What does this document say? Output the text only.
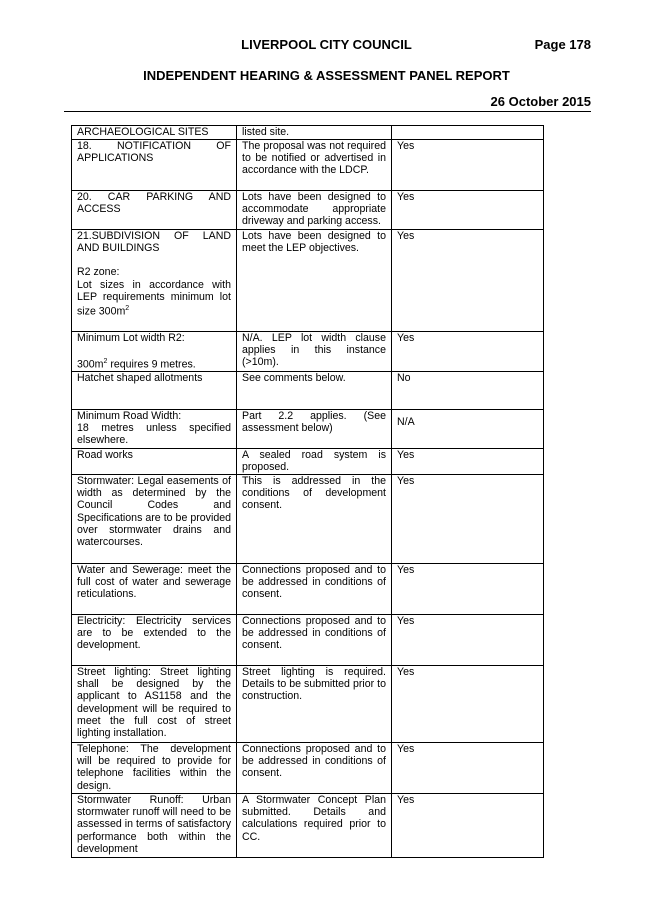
LIVERPOOL CITY COUNCIL	Page 178
INDEPENDENT HEARING & ASSESSMENT PANEL REPORT
26 October 2015
ARCHAEOLOGICAL SITES	listed site.	
18. NOTIFICATION OF APPLICATIONS	The proposal was not required to be notified or advertised in accordance with the LDCP.	Yes
20. CAR PARKING AND ACCESS	Lots have been designed to accommodate appropriate driveway and parking access.	Yes

21.SUBDIVISION OF LAND AND BUILDINGS
R2 zone:
Lot sizes in accordance with LEP requirements minimum lot size $300m^2$	Lots have been designed to meet the LEP objectives.	Yes

Minimum Lot width R2:
$300m^2$ requires 9 metres.	N/A. LEP lot width clause applies in this instance (>10m).	Yes
Hatchet shaped allotments	See comments below.	No

Minimum Road Width:
18 metres unless specified elsewhere.	Part 2.2 applies. (See assessment below)	N/A
Road works	A sealed road system is proposed.	Yes
Stormwater: Legal easements of width as determined by the Council Codes and Specifications are to be provided over stormwater drains and watercourses.	This is addressed in the conditions of development consent.	Yes
Water and Sewerage: meet the full cost of water and sewerage reticulations.	Connections proposed and to be addressed in conditions of consent.	Yes
Electricity: Electricity services are to be extended to the development.	Connections proposed and to be addressed in conditions of consent.	Yes
Street lighting: Street lighting shall be designed by the applicant to AS1158 and the development will be required to meet the full cost of street lighting installation.	Street lighting is required. Details to be submitted prior to construction.	Yes
Telephone: The development will be required to provide for telephone facilities within the design.	Connections proposed and to be addressed in conditions of consent.	Yes
Stormwater Runoff: Urban stormwater runoff will need to be assessed in terms of satisfactory performance both within the development	A Stormwater Concept Plan submitted. Details and calculations required prior to CC.	Yes
